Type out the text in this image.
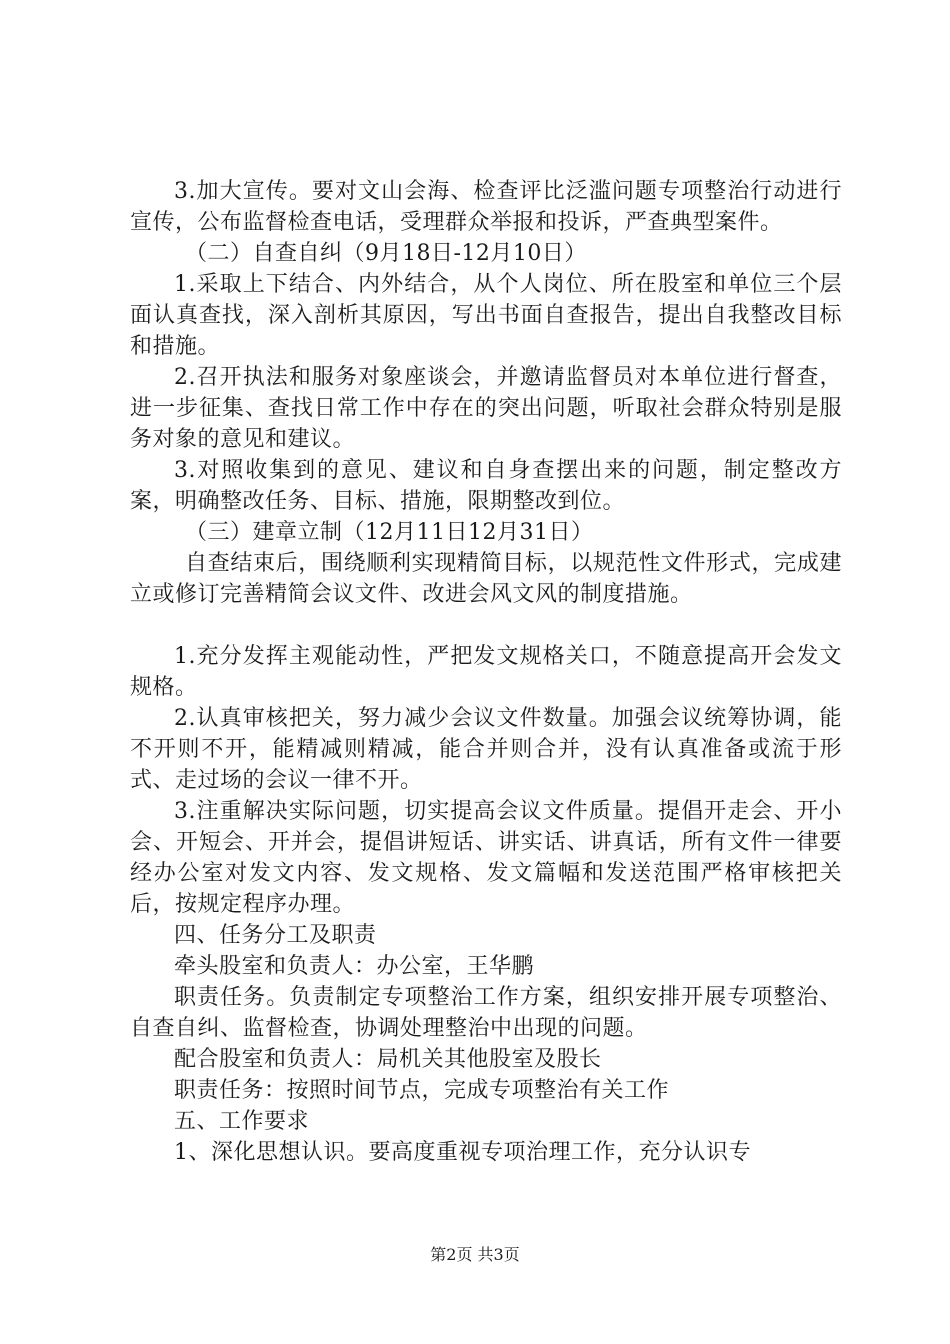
3.加大宣传。要对文山会海、检查评比泛滥问题专项整治行动进行宣传，公布监督检查电话，受理群众举报和投诉，严查典型案件。

（二）自查自纠（9月18日-12月10日）

1.采取上下结合、内外结合，从个人岗位、所在股室和单位三个层面认真查找，深入剖析其原因，写出书面自查报告，提出自我整改目标和措施。

2.召开执法和服务对象座谈会，并邀请监督员对本单位进行督查，进一步征集、查找日常工作中存在的突出问题，听取社会群众特别是服务对象的意见和建议。

3.对照收集到的意见、建议和自身查摆出来的问题，制定整改方案，明确整改任务、目标、措施，限期整改到位。

（三）建章立制（12月11日12月31日）

自查结束后，围绕顺利实现精简目标，以规范性文件形式，完成建立或修订完善精简会议文件、改进会风文风的制度措施。

1.充分发挥主观能动性，严把发文规格关口，不随意提高开会发文规格。

2.认真审核把关，努力减少会议文件数量。加强会议统筹协调，能不开则不开，能精减则精减，能合并则合并，没有认真准备或流于形式、走过场的会议一律不开。

3.注重解决实际问题，切实提高会议文件质量。提倡开走会、开小会、开短会、开并会，提倡讲短话、讲实话、讲真话，所有文件一律要经办公室对发文内容、发文规格、发文篇幅和发送范围严格审核把关后，按规定程序办理。

四、任务分工及职责

牵头股室和负责人：办公室，王华鹏

职责任务。负责制定专项整治工作方案，组织安排开展专项整治、自查自纠、监督检查，协调处理整治中出现的问题。

配合股室和负责人：局机关其他股室及股长

职责任务：按照时间节点，完成专项整治有关工作

五、工作要求

1、深化思想认识。要高度重视专项治理工作，充分认识专

第2页 共3页
